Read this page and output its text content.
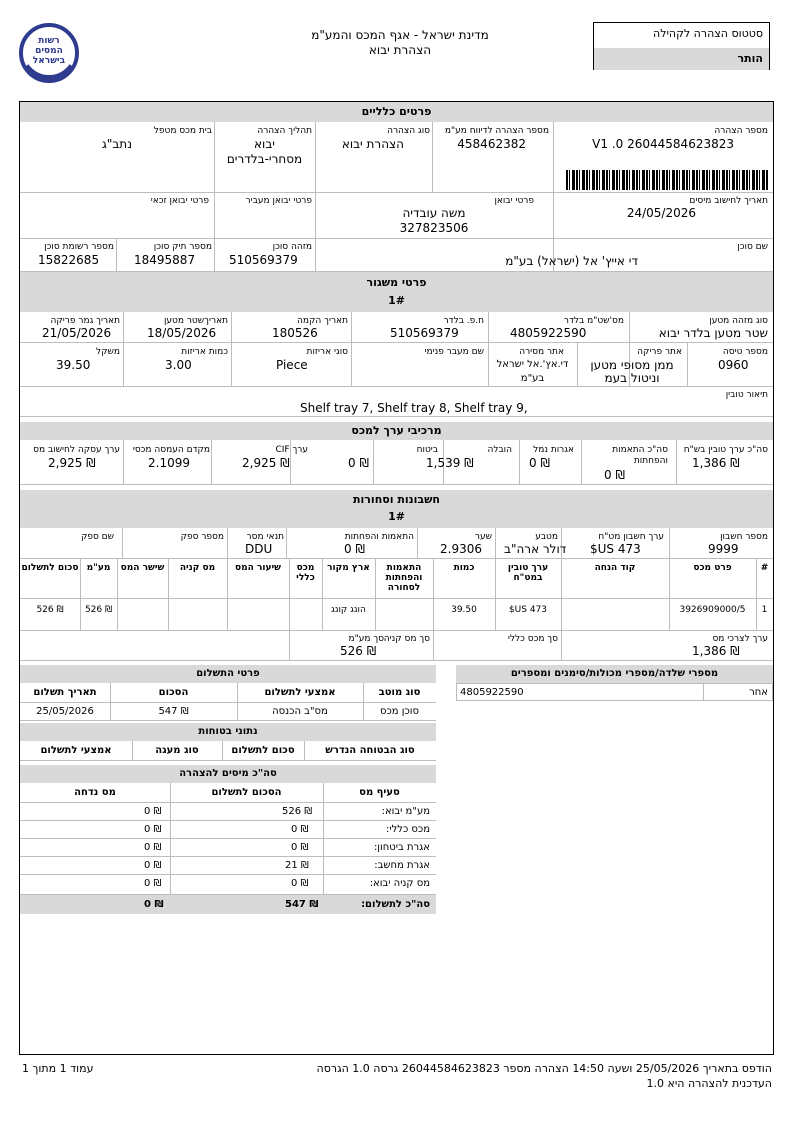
רשות
המסים
בישראל
מדינת ישראל - אגף המכס והמע"מ
הצהרת יבוא
סטטוס הצהרה לקהילה
הותר
פרטים כלליים
מספר הצהרה
26044584623823 V1 .0
מספר הצהרה לדיווח מע"מ
458462382
סוג הצהרה
הצהרת יבוא
תהליך הצהרה
יבוא
מסחרי-בלדרים
בית מכס מטפל
נתב"ג
תאריך לחישוב מיסים
24/05/2026
פרטי יבואן
משה עובדיה
327823506
פרטי יבואן מעביר
פרטי יבואן זכאי
שם סוכן
די אייץ' אל (ישראל) בע"מ
מזהה סוכן
510569379
מספר תיק סוכן
18495887
מספר רשומת סוכן
15822685
פרטי משגור
1#
סוג מזהה מטען
שטר מטען בלדר יבוא
מס'שט"מ בלדר
4805922590
ח.פ. בלדר
510569379
תאריך הקמה
180526
תאריךשטר מטען
18/05/2026
תאריך גמר פריקה
21/05/2026
מספר טיסה
0960
אתר פריקה
ממן מסופי מטען
וניטול בעמ
אתר מסירה
די.אץ'.אל ישראל בע"מ
שם מעבר פנימי
סוגי אריזות
Piece
כמות אריזות
3.00
משקל
39.50
תיאור טובין
Shelf tray 7, Shelf tray 8, Shelf tray 9,
מרכיבי ערך למכס
סה"כ ערך טובין בש"ח
₪ 1,386
סה"כ התאמות
והפחתות
₪ 0
אגרות נמל
₪ 0
הובלה
₪ 1,539
ביטוח
₪ 0
ערך CIF
₪ 2,925
מקדם העמסה מכסי
2.1099
ערך עסקה לחישוב מס
₪ 2,925
חשבונות וסחורות
1#
מספר חשבון
9999
ערך חשבון מט"ח
473 US$
מטבע
דולר ארה"ב
שער
2.9306
התאמות והפחתות
₪ 0
תנאי מסר
DDU
מספר ספק
שם ספק
#
פרט מכס
קוד הנחה
ערך טובין במט"ח
כמות
התאמות והפחתות לסחורה
ארץ מקור
מכס כללי
שיעור המס
מס קניה
שישר המס
מע"מ
סכום לתשלום
1
3926909000/5
473 US$
39.50
הונג קונג
₪ 526
₪ 526
ערך לצרכי מס
₪ 1,386
סך מכס כללי
סך מס קניה
סך מע"מ
₪ 526
מספרי שלדה/מספרי מכולות/סימנים ומספרים
אחר
4805922590
פרטי התשלום
סוג מוטב
אמצעי לתשלום
הסכום
תאריך תשלום
סוכן מכס
מס"ב הכנסה
₪ 547
25/05/2026
נתוני בטוחות
סוג הבטוחה הנדרש
סכום לתשלום
סוג מעגה
אמצעי לתשלום
סה"כ מיסים להצהרה
סעיף מס
הסכום לתשלום
מס נדחה
מע"מ יבוא:
₪ 526
₪ 0
מכס כללי:
₪ 0
₪ 0
אגרת ביטחון:
₪ 0
₪ 0
אגרת מחשב:
₪ 21
₪ 0
מס קניה יבוא:
₪ 0
₪ 0
סה"כ לתשלום:
₪ 547
₪ 0
הודפס בתאריך 25/05/2026 ושעה 14:50 הצהרה מספר 26044584623823 גרסה 1.0 הגרסה
העדכנית להצהרה היא 1.0
עמוד 1 מתוך 1
